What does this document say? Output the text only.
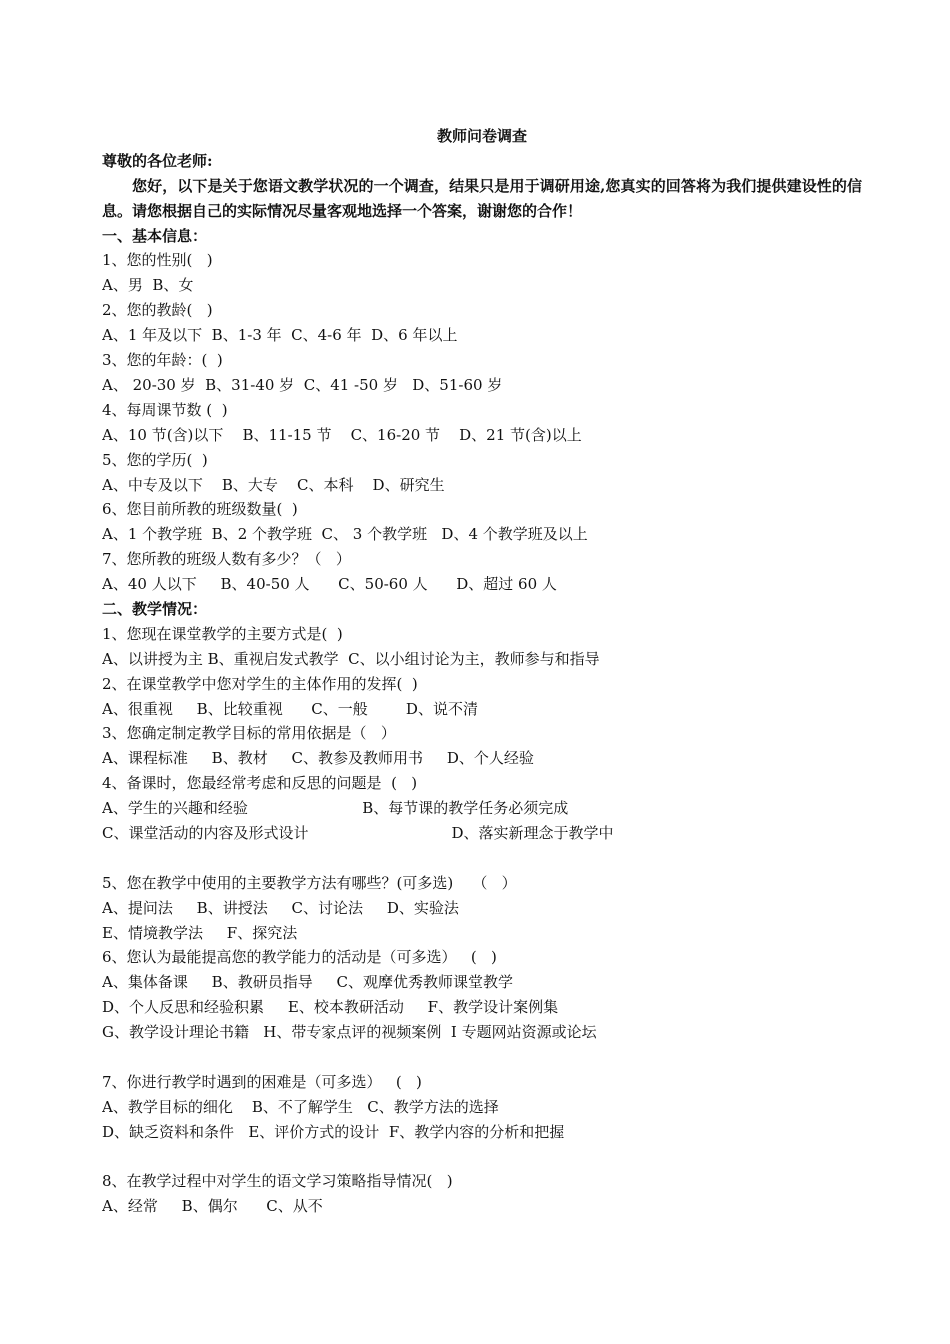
教师问卷调查
尊敬的各位老师:
您好，以下是关于您语文教学状况的一个调查，结果只是用于调研用途,您真实的回答将为我们提供建设性的信息。请您根据自己的实际情况尽量客观地选择一个答案，谢谢您的合作！
一、基本信息：
1、您的性别(   )
A、男  B、女
2、您的教龄(   )
A、1 年及以下  B、1-3 年  C、4-6 年  D、6 年以上
3、您的年龄：(  )
A、 20-30 岁  B、31-40 岁  C、41 -50 岁   D、51-60 岁
4、每周课节数 (  )
A、10 节(含)以下    B、11-15 节    C、16-20 节    D、21 节(含)以上
5、您的学历(  )
A、中专及以下    B、大专    C、本科    D、研究生
6、您目前所教的班级数量(  )
A、1 个教学班  B、2 个教学班  C、 3 个教学班   D、4 个教学班及以上
7、您所教的班级人数有多少？（   ）
A、40 人以下     B、40-50 人      C、50-60 人      D、超过 60 人
二、教学情况：
1、您现在课堂教学的主要方式是(  )
A、以讲授为主 B、重视启发式教学  C、以小组讨论为主，教师参与和指导
2、在课堂教学中您对学生的主体作用的发挥(  )
A、很重视     B、比较重视      C、一般        D、说不清
3、您确定制定教学目标的常用依据是（   ）
A、课程标准     B、教材     C、教参及教师用书     D、个人经验
4、备课时，您最经常考虑和反思的问题是  (   )
A、学生的兴趣和经验                        B、每节课的教学任务必须完成
C、课堂活动的内容及形式设计                              D、落实新理念于教学中
5、您在教学中使用的主要教学方法有哪些？(可多选)    （   ）
A、提问法     B、讲授法     C、讨论法     D、实验法
E、情境教学法     F、探究法
6、您认为最能提高您的教学能力的活动是（可多选）   (   )
A、集体备课     B、教研员指导     C、观摩优秀教师课堂教学
D、个人反思和经验积累     E、校本教研活动     F、教学设计案例集
G、教学设计理论书籍   H、带专家点评的视频案例  I 专题网站资源或论坛
7、你进行教学时遇到的困难是（可多选）   (   )
A、教学目标的细化    B、不了解学生   C、教学方法的选择
D、缺乏资料和条件   E、评价方式的设计  F、教学内容的分析和把握
8、在教学过程中对学生的语文学习策略指导情况(   )
A、经常     B、偶尔      C、从不
